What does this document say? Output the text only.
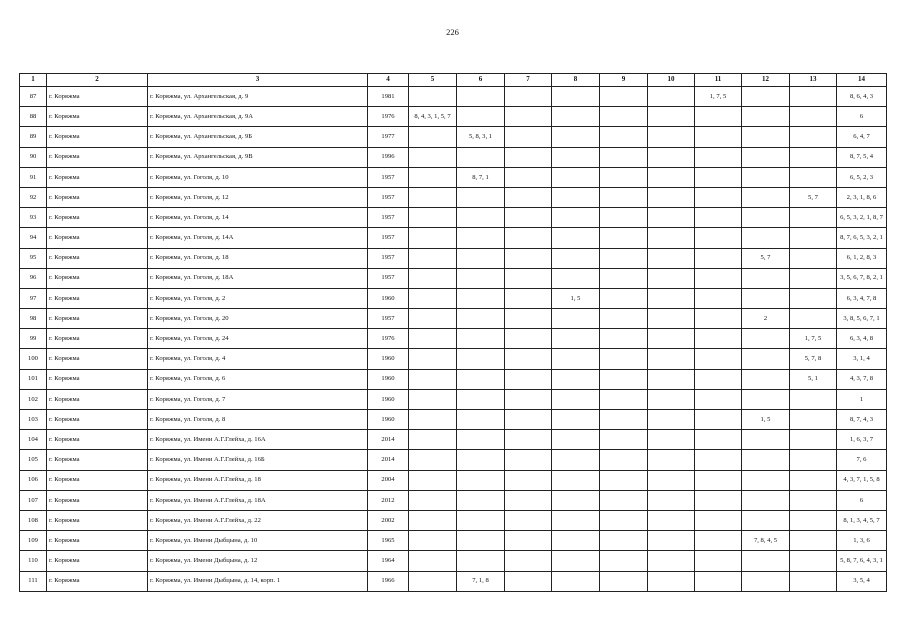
226
1	2	3	4	5	6	7	8	9	10	11	12	13	14
87	г. Коряжма	г. Коряжма, ул. Архангельская, д. 9	1981							1, 7, 5			8, 6, 4, 3
88	г. Коряжма	г. Коряжма, ул. Архангельская, д. 9А	1976	8, 4, 3, 1, 5, 7									6
89	г. Коряжма	г. Коряжма, ул. Архангельская, д. 9Б	1977		5, 8, 3, 1								6, 4, 7
90	г. Коряжма	г. Коряжма, ул. Архангельская, д. 9В	1996										8, 7, 5, 4
91	г. Коряжма	г. Коряжма, ул. Гоголя, д. 10	1957		8, 7, 1								6, 5, 2, 3
92	г. Коряжма	г. Коряжма, ул. Гоголя, д. 12	1957									5, 7	2, 3, 1, 8, 6
93	г. Коряжма	г. Коряжма, ул. Гоголя, д. 14	1957										6, 5, 3, 2, 1, 8, 7
94	г. Коряжма	г. Коряжма, ул. Гоголя, д. 14А	1957										8, 7, 6, 5, 3, 2, 1
95	г. Коряжма	г. Коряжма, ул. Гоголя, д. 18	1957								5, 7		6, 1, 2, 8, 3
96	г. Коряжма	г. Коряжма, ул. Гоголя, д. 18А	1957										3, 5, 6, 7, 8, 2, 1
97	г. Коряжма	г. Коряжма, ул. Гоголя, д. 2	1960				1, 5						6, 3, 4, 7, 8
98	г. Коряжма	г. Коряжма, ул. Гоголя, д. 20	1957								2		3, 8, 5, 6, 7, 1
99	г. Коряжма	г. Коряжма, ул. Гоголя, д. 24	1976									1, 7, 5	6, 3, 4, 8
100	г. Коряжма	г. Коряжма, ул. Гоголя, д. 4	1960									5, 7, 8	3, 1, 4
101	г. Коряжма	г. Коряжма, ул. Гоголя, д. 6	1960									5, 1	4, 3, 7, 8
102	г. Коряжма	г. Коряжма, ул. Гоголя, д. 7	1960										1
103	г. Коряжма	г. Коряжма, ул. Гоголя, д. 8	1960								1, 5		8, 7, 4, 3
104	г. Коряжма	г. Коряжма, ул. Имени А.Г.Глейха, д. 16А	2014										1, 6, 3, 7
105	г. Коряжма	г. Коряжма, ул. Имени А.Г.Глейха, д. 16Б	2014										7, 6
106	г. Коряжма	г. Коряжма, ул. Имени А.Г.Глейха, д. 18	2004										4, 3, 7, 1, 5, 8
107	г. Коряжма	г. Коряжма, ул. Имени А.Г.Глейха, д. 18А	2012										6
108	г. Коряжма	г. Коряжма, ул. Имени А.Г.Глейха, д. 22	2002										8, 1, 3, 4, 5, 7
109	г. Коряжма	г. Коряжма, ул. Имени Дыбцына, д. 10	1965								7, 8, 4, 5		1, 3, 6
110	г. Коряжма	г. Коряжма, ул. Имени Дыбцына, д. 12	1964										5, 8, 7, 6, 4, 3, 1
111	г. Коряжма	г. Коряжма, ул. Имени Дыбцына, д. 14, корп. 1	1966		7, 1, 8								3, 5, 4
